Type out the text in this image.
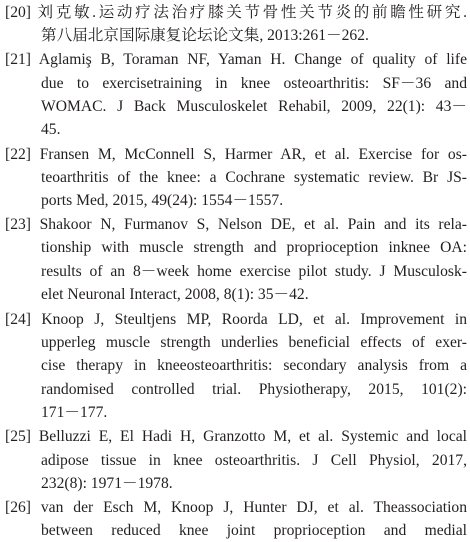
[20] 刘克敏.运动疗法治疗膝关节骨性关节炎的前瞻性研究.
第八届北京国际康复论坛论文集, 2013:261－262.
[21] Aglamiş B, Toraman NF, Yaman H. Change of quality of life
due to exercisetraining in knee osteoarthritis: SF－36 and
WOMAC. J Back Musculoskelet Rehabil, 2009, 22(1): 43－
45.
[22] Fransen M, McConnell S, Harmer AR, et al. Exercise for os-
teoarthritis of the knee: a Cochrane systematic review. Br JS-
ports Med, 2015, 49(24): 1554－1557.
[23] Shakoor N, Furmanov S, Nelson DE, et al. Pain and its rela-
tionship with muscle strength and proprioception inknee OA:
results of an 8－week home exercise pilot study. J Musculosk-
elet Neuronal Interact, 2008, 8(1): 35－42.
[24] Knoop J, Steultjens MP, Roorda LD, et al. Improvement in
upperleg muscle strength underlies beneficial effects of exer-
cise therapy in kneeosteoarthritis: secondary analysis from a
randomised controlled trial. Physiotherapy, 2015, 101(2):
171－177.
[25] Belluzzi E, El Hadi H, Granzotto M, et al. Systemic and local
adipose tissue in knee osteoarthritis. J Cell Physiol, 2017,
232(8): 1971－1978.
[26] van der Esch M, Knoop J, Hunter DJ, et al. Theassociation
between reduced knee joint proprioception and medial
